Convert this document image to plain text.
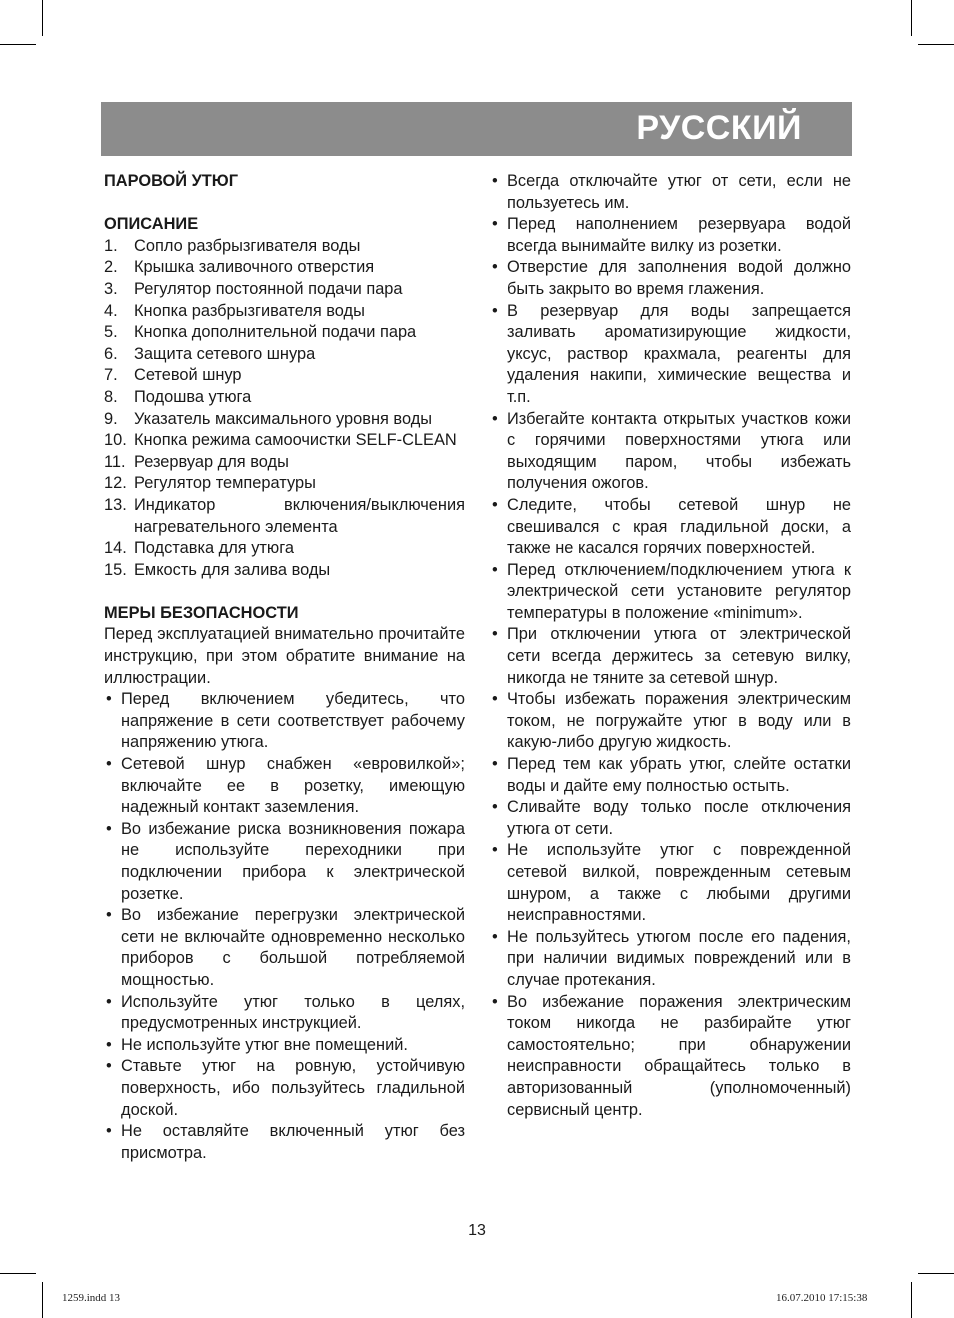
РУССКИЙ

ПАРОВОЙ УТЮГ

ОПИСАНИЕ

1. Сопло разбрызгивателя воды
2. Крышка заливочного отверстия
3. Регулятор постоянной подачи пара
4. Кнопка разбрызгивателя воды
5. Кнопка дополнительной подачи пара
6. Защита сетевого шнура
7. Сетевой шнур
8. Подошва утюга
9. Указатель максимального уровня воды
10. Кнопка режима самоочистки SELF-CLEAN
11. Резервуар для воды
12. Регулятор температуры
13. Индикатор включения/выключения нагревательного элемента
14. Подставка для утюга
15. Емкость для залива воды

МЕРЫ БЕЗОПАСНОСТИ

Перед эксплуатацией внимательно прочитайте инструкцию, при этом обратите внимание на иллюстрации.

• Перед включением убедитесь, что напряжение в сети соответствует рабочему напряжению утюга.
• Сетевой шнур снабжен «евровилкой»; включайте ее в розетку, имеющую надежный контакт заземления.
• Во избежание риска возникновения пожара не используйте переходники при подключении прибора к электрической розетке.
• Во избежание перегрузки электрической сети не включайте одновременно несколько приборов с большой потребляемой мощностью.
• Используйте утюг только в целях, предусмотренных инструкцией.
• Не используйте утюг вне помещений.
• Ставьте утюг на ровную, устойчивую поверхность, ибо пользуйтесь гладильной доской.
• Не оставляйте включенный утюг без присмотра.
• Всегда отключайте утюг от сети, если не пользуетесь им.
• Перед наполнением резервуара водой всегда вынимайте вилку из розетки.
• Отверстие для заполнения водой должно быть закрыто во время глажения.
• В резервуар для воды запрещается заливать ароматизирующие жидкости, уксус, раствор крахмала, реагенты для удаления накипи, химические вещества и т.п.
• Избегайте контакта открытых участков кожи с горячими поверхностями утюга или выходящим паром, чтобы избежать получения ожогов.
• Следите, чтобы сетевой шнур не свешивался с края гладильной доски, а также не касался горячих поверхностей.
• Перед отключением/подключением утюга к электрической сети установите регулятор температуры в положение «minimum».
• При отключении утюга от электрической сети всегда держитесь за сетевую вилку, никогда не тяните за сетевой шнур.
• Чтобы избежать поражения электрическим током, не погружайте утюг в воду или в какую-либо другую жидкость.
• Перед тем как убрать утюг, слейте остатки воды и дайте ему полностью остыть.
• Сливайте воду только после отключения утюга от сети.
• Не используйте утюг с поврежденной сетевой вилкой, поврежденным сетевым шнуром, а также с любыми другими неисправностями.
• Не пользуйтесь утюгом после его падения, при наличии видимых повреждений или в случае протекания.
• Во избежание поражения электрическим током никогда не разбирайте утюг самостоятельно; при обнаружении неисправности обращайтесь только в авторизованный (уполномоченный) сервисный центр.
13
1259.indd 13	16.07.2010 17:15:38
